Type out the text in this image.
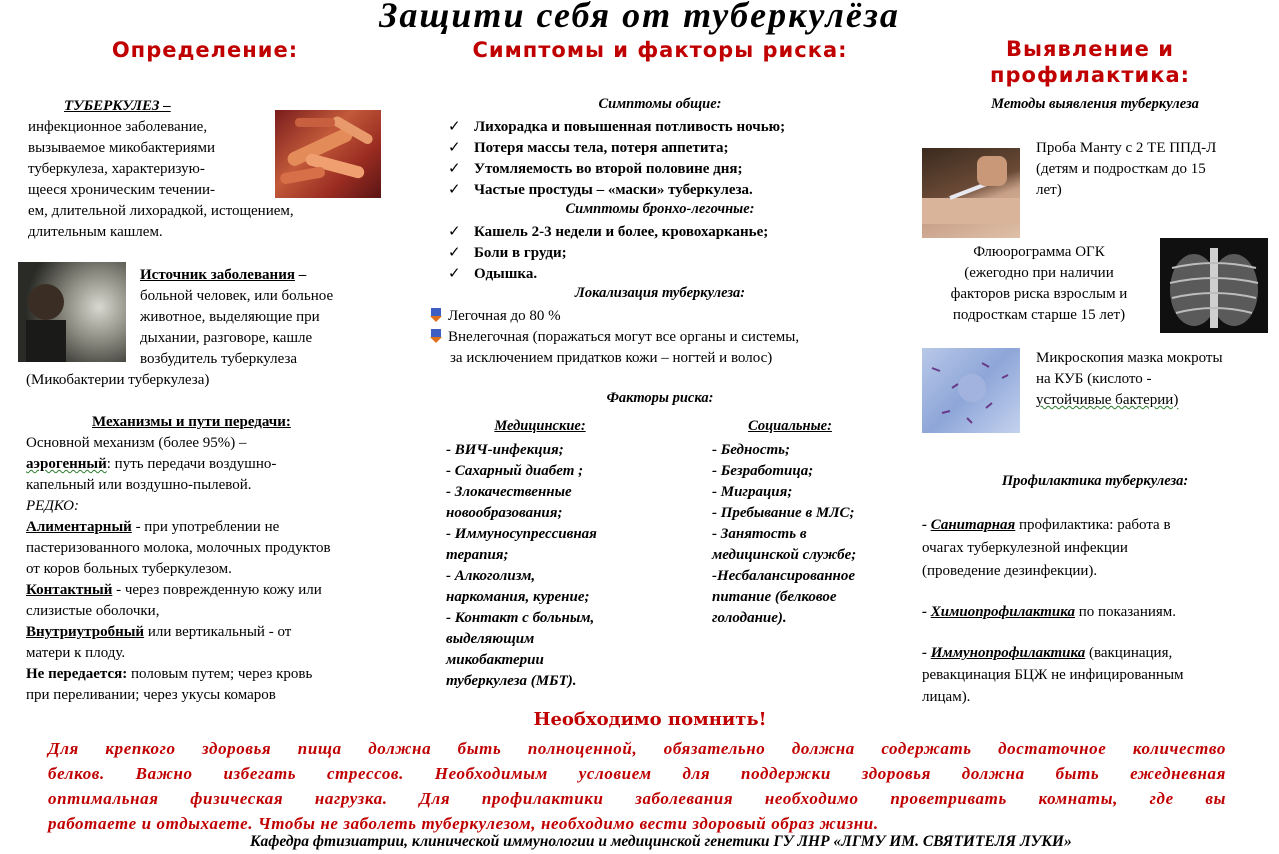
Защити себя от туберкулёза
Определение:	Симптомы и факторы риска:	Выявление и профилактика:
ТУБЕРКУЛЕЗ –
инфекционное заболевание,
вызываемое микобактериями
туберкулеза, характеризую-
щееся хроническим течении-
ем, длительной лихорадкой, истощением,
длительным кашлем.
Источник заболевания –
больной человек, или больное
животное, выделяющие при
дыхании, разговоре, кашле
возбудитель туберкулеза
(Микобактерии туберкулеза)
Механизмы и пути передачи:
Основной механизм (более 95%) –
аэрогенный: путь передачи воздушно-
капельный или воздушно-пылевой.
РЕДКО:
Алиментарный - при употреблении не
пастеризованного молока, молочных продуктов
от коров больных туберкулезом.
Контактный - через поврежденную кожу или
слизистые оболочки,
Внутриутробный или вертикальный - от
матери к плоду.
Не передается: половым путем; через кровь
при переливании; через укусы комаров
Симптомы общие:
✓ Лихорадка и повышенная потливость ночью;
✓ Потеря массы тела, потеря аппетита;
✓ Утомляемость во второй половине дня;
✓ Частые простуды – «маски» туберкулеза.
Симптомы бронхо-легочные:
✓ Кашель 2-3 недели и более, кровохарканье;
✓ Боли в груди;
✓ Одышка.
Локализация туберкулеза:
Легочная до 80 %
Внелегочная (поражаться могут все органы и системы,
за исключением придатков кожи – ногтей и волос)
Факторы риска:
Медицинские:	Социальные:
- ВИЧ-инфекция;
- Сахарный диабет ;
- Злокачественные
новообразования;
- Иммуносупрессивная
терапия;
- Алкоголизм,
наркомания, курение;
- Контакт с больным,
выделяющим
микобактерии
туберкулеза (МБТ).
- Бедность;
- Безработица;
- Миграция;
- Пребывание в МЛС;
- Занятость в
медицинской службе;
-Несбалансированное
питание (белковое
голодание).
Методы выявления туберкулеза
Проба Манту с 2 ТЕ ППД-Л
(детям и подросткам до 15
лет)
Флюорограмма ОГК
(ежегодно при наличии
факторов риска взрослым и
подросткам старше 15 лет)
Микроскопия мазка мокроты
на КУБ (кислото -
устойчивые бактерии)
Профилактика туберкулеза:
- Санитарная профилактика: работа в
очагах туберкулезной инфекции
(проведение дезинфекции).
- Химиопрофилактика по показаниям.
- Иммунопрофилактика (вакцинация,
ревакцинация БЦЖ не инфицированным
лицам).
Необходимо помнить!
Для крепкого здоровья пища должна быть полноценной, обязательно должна содержать достаточное количество
белков. Важно избегать стрессов. Необходимым условием для поддержки здоровья должна быть ежедневная
оптимальная физическая нагрузка. Для профилактики заболевания необходимо проветривать комнаты, где вы
работаете и отдыхаете. Чтобы не заболеть туберкулезом, необходимо вести здоровый образ жизни.
Кафедра фтизиатрии, клинической иммунологии и медицинской генетики ГУ ЛНР «ЛГМУ ИМ. СВЯТИТЕЛЯ ЛУКИ»
